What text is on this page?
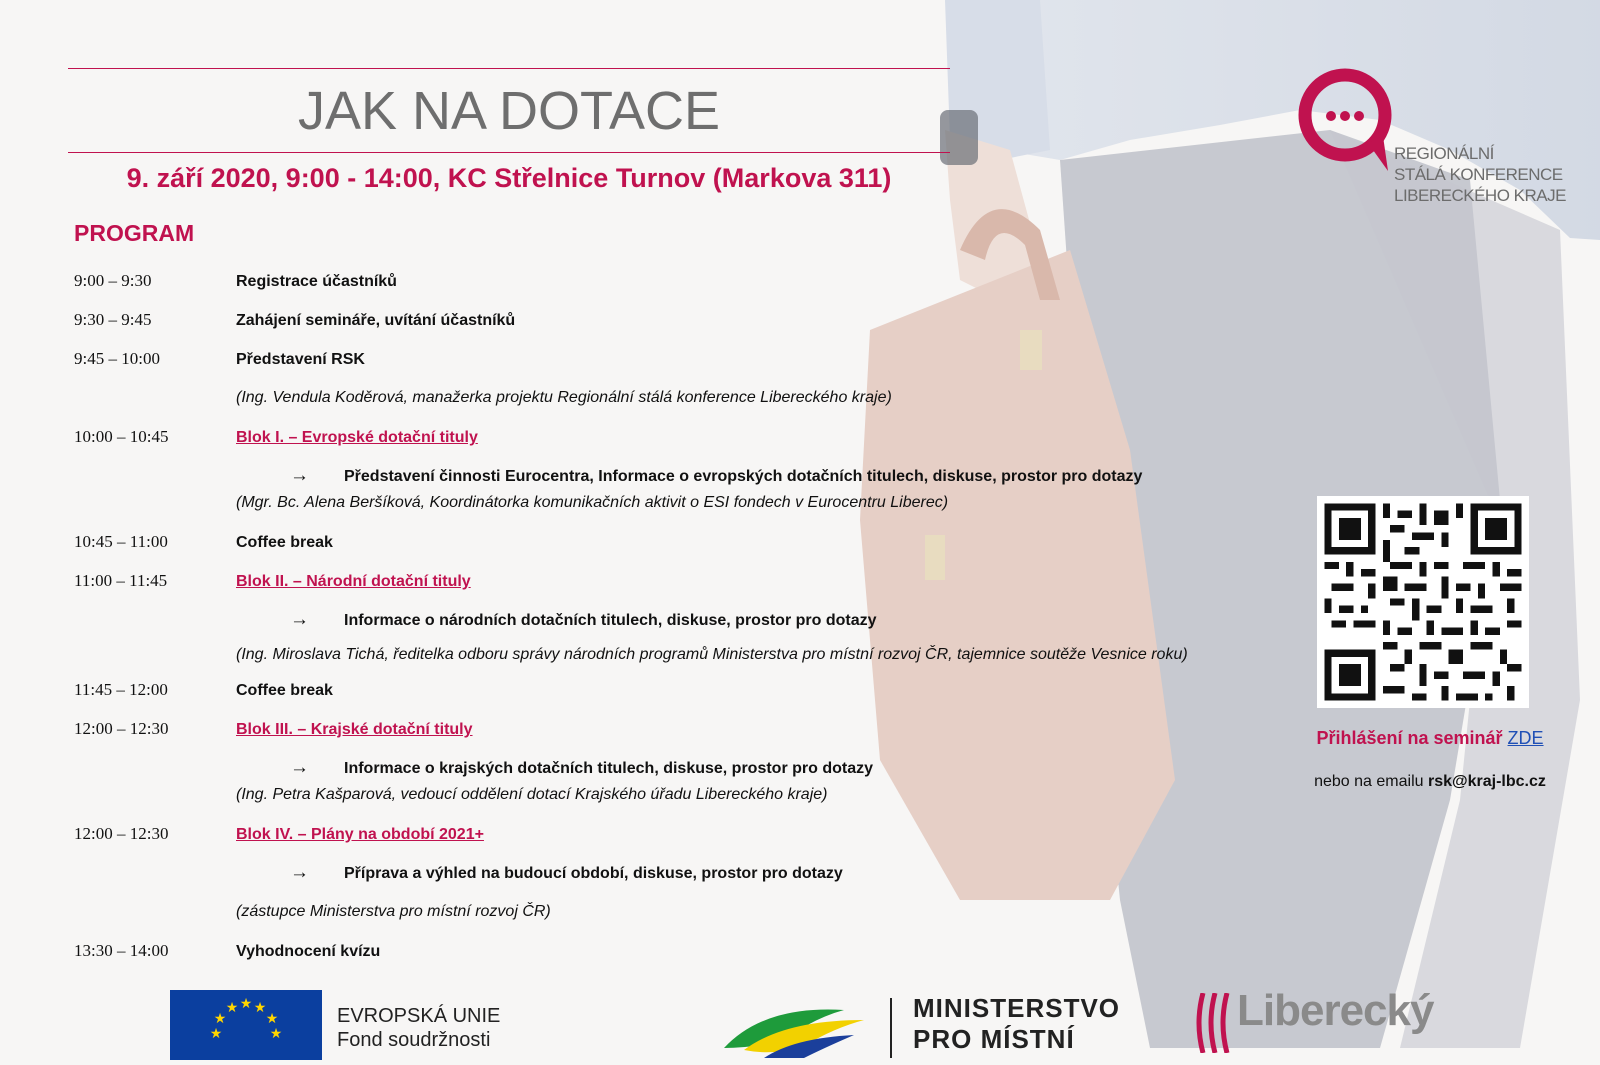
JAK NA DOTACE
9. září 2020, 9:00 - 14:00, KC Střelnice Turnov (Markova 311)
PROGRAM
9:00 – 9:30	Registrace účastníků
9:30 – 9:45	Zahájení semináře, uvítání účastníků
9:45 – 10:00	Představení RSK
(Ing. Vendula Koděrová, manažerka projektu Regionální stálá konference Libereckého kraje)
10:00 – 10:45	Blok I. – Evropské dotační tituly
→ Představení činnosti Eurocentra, Informace o evropských dotačních titulech, diskuse, prostor pro dotazy
(Mgr. Bc. Alena Beršíková, Koordinátorka komunikačních aktivit o ESI fondech v Eurocentru Liberec)
10:45 – 11:00	Coffee break
11:00 – 11:45	Blok II. – Národní dotační tituly
→ Informace o národních dotačních titulech, diskuse, prostor pro dotazy
(Ing. Miroslava Tichá, ředitelka odboru správy národních programů Ministerstva pro místní rozvoj ČR, tajemnice soutěže Vesnice roku)
11:45 – 12:00	Coffee break
12:00 – 12:30	Blok III. – Krajské dotační tituly
→ Informace o krajských dotačních titulech, diskuse, prostor pro dotazy
(Ing. Petra Kašparová, vedoucí oddělení dotací Krajského úřadu Libereckého kraje)
12:00 – 12:30	Blok IV. – Plány na období 2021+
→ Příprava a výhled na budoucí období, diskuse, prostor pro dotazy
(zástupce Ministerstva pro místní rozvoj ČR)
13:30 – 14:00	Vyhodnocení kvízu
REGIONÁLNÍ
STÁLÁ KONFERENCE
LIBERECKÉHO KRAJE
Přihlášení na seminář ZDE
nebo na emailu rsk@kraj-lbc.cz
★
★ ★
★	★
★	★
EVROPSKÁ UNIE
Fond soudržnosti
MINISTERSTVO
PRO MÍSTNÍ
Liberecký
